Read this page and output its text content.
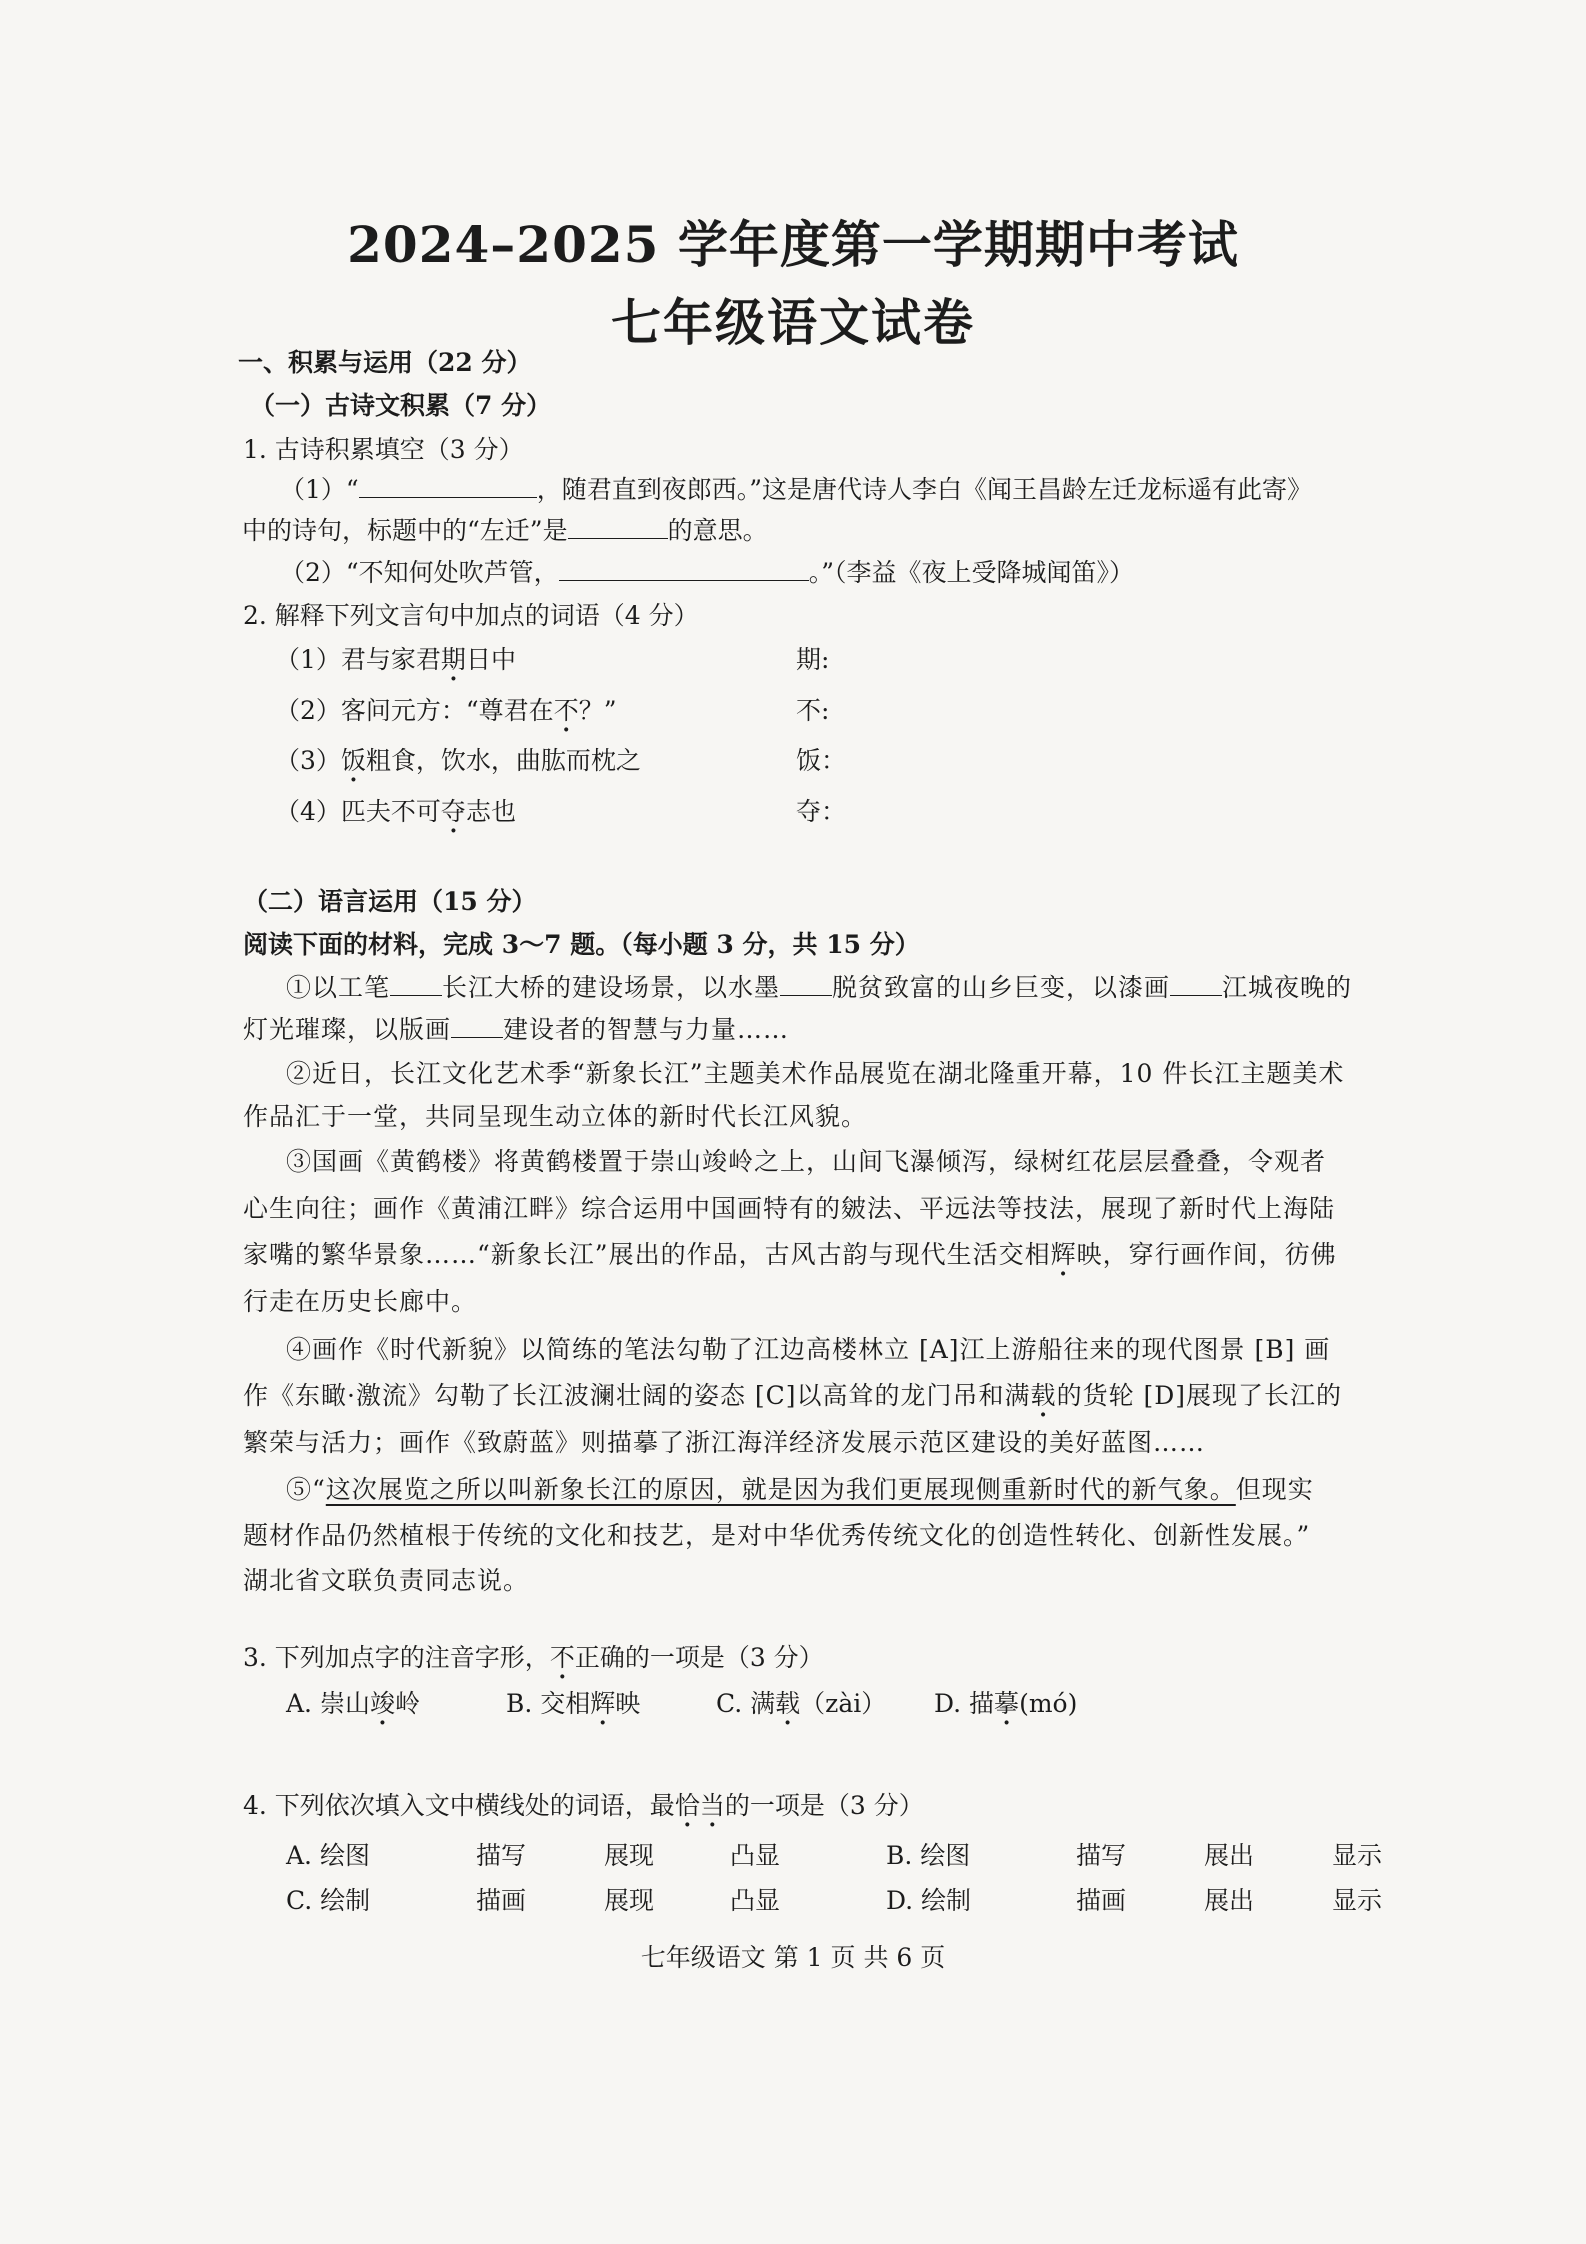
2024–2025 学年度第一学期期中考试
七年级语文试卷
一、积累与运用（22 分）
（一）古诗文积累（7 分）
1. 古诗积累填空（3 分）
（1）“	，随君直到夜郎西。”这是唐代诗人李白《闻王昌龄左迁龙标遥有此寄》
中的诗句，标题中的“左迁”是	的意思。
（2）“不知何处吹芦管，	。”（李益《夜上受降城闻笛》）
2. 解释下列文言句中加点的词语（4 分）
（1）君与家君期日中	期:
（2）客问元方：“尊君在不？”	不:
（3）饭粗食，饮水，曲肱而枕之	饭：
（4）匹夫不可夺志也	夺：
（二）语言运用（15 分）
阅读下面的材料，完成 3～7 题。（每小题 3 分，共 15 分）
①以工笔 长江大桥的建设场景，以水墨 脱贫致富的山乡巨变，以漆画 江城夜晚的
灯光璀璨，以版画 建设者的智慧与力量……
②近日，长江文化艺术季“新象长江”主题美术作品展览在湖北隆重开幕，10 件长江主题美术
作品汇于一堂，共同呈现生动立体的新时代长江风貌。
③国画《黄鹤楼》将黄鹤楼置于崇山竣岭之上，山间飞瀑倾泻，绿树红花层层叠叠，令观者
心生向往；画作《黄浦江畔》综合运用中国画特有的皴法、平远法等技法，展现了新时代上海陆
家嘴的繁华景象……“新象长江”展出的作品，古风古韵与现代生活交相辉映，穿行画作间，彷佛
行走在历史长廊中。
④画作《时代新貌》以简练的笔法勾勒了江边高楼林立 [A]江上游船往来的现代图景 [B] 画
作《东瞰·激流》勾勒了长江波澜壮阔的姿态 [C]以高耸的龙门吊和满载的货轮 [D]展现了长江的
繁荣与活力；画作《致蔚蓝》则描摹了浙江海洋经济发展示范区建设的美好蓝图……
⑤“这次展览之所以叫新象长江的原因，就是因为我们更展现侧重新时代的新气象。但现实
题材作品仍然植根于传统的文化和技艺，是对中华优秀传统文化的创造性转化、创新性发展。”
湖北省文联负责同志说。
3. 下列加点字的注音字形，不正确的一项是（3 分）
A. 崇山竣岭	B. 交相辉映	C. 满载（zài） D. 描摹(mó)
4. 下列依次填入文中横线处的词语，最恰当的一项是（3 分）
A. 绘图	描写	展现	凸显	B. 绘图	描写	展出	显示
C. 绘制	描画	展现	凸显	D. 绘制	描画	展出	显示
七年级语文 第 1 页 共 6 页
